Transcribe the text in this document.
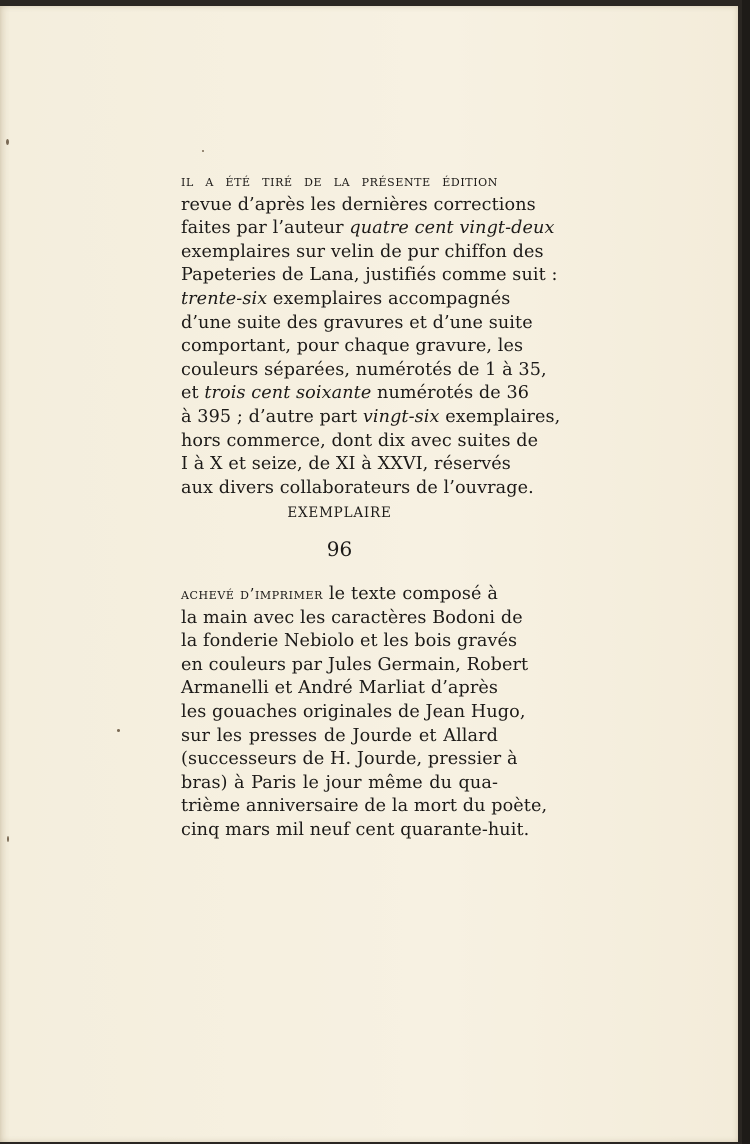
il a été tiré de la présente édition
revue d’après les dernières corrections
faites par l’auteur quatre cent vingt-deux
exemplaires sur velin de pur chiffon des
Papeteries de Lana, justifiés comme suit :
trente-six exemplaires accompagnés
d’une suite des gravures et d’une suite
comportant, pour chaque gravure, les
couleurs séparées, numérotés de 1 à 35,
et trois cent soixante numérotés de 36
à 395 ; d’autre part vingt-six exemplaires,
hors commerce, dont dix avec suites de
I à X et seize, de XI à XXVI, réservés
aux divers collaborateurs de l’ouvrage.
EXEMPLAIRE
96
achevé d’imprimer le texte composé à
la main avec les caractères Bodoni de
la fonderie Nebiolo et les bois gravés
en couleurs par Jules Germain, Robert
Armanelli et André Marliat d’après
les gouaches originales de Jean Hugo,
sur les presses de Jourde et Allard
(successeurs de H. Jourde, pressier à
bras) à Paris le jour même du qua-
trième anniversaire de la mort du poète,
cinq mars mil neuf cent quarante-huit.
